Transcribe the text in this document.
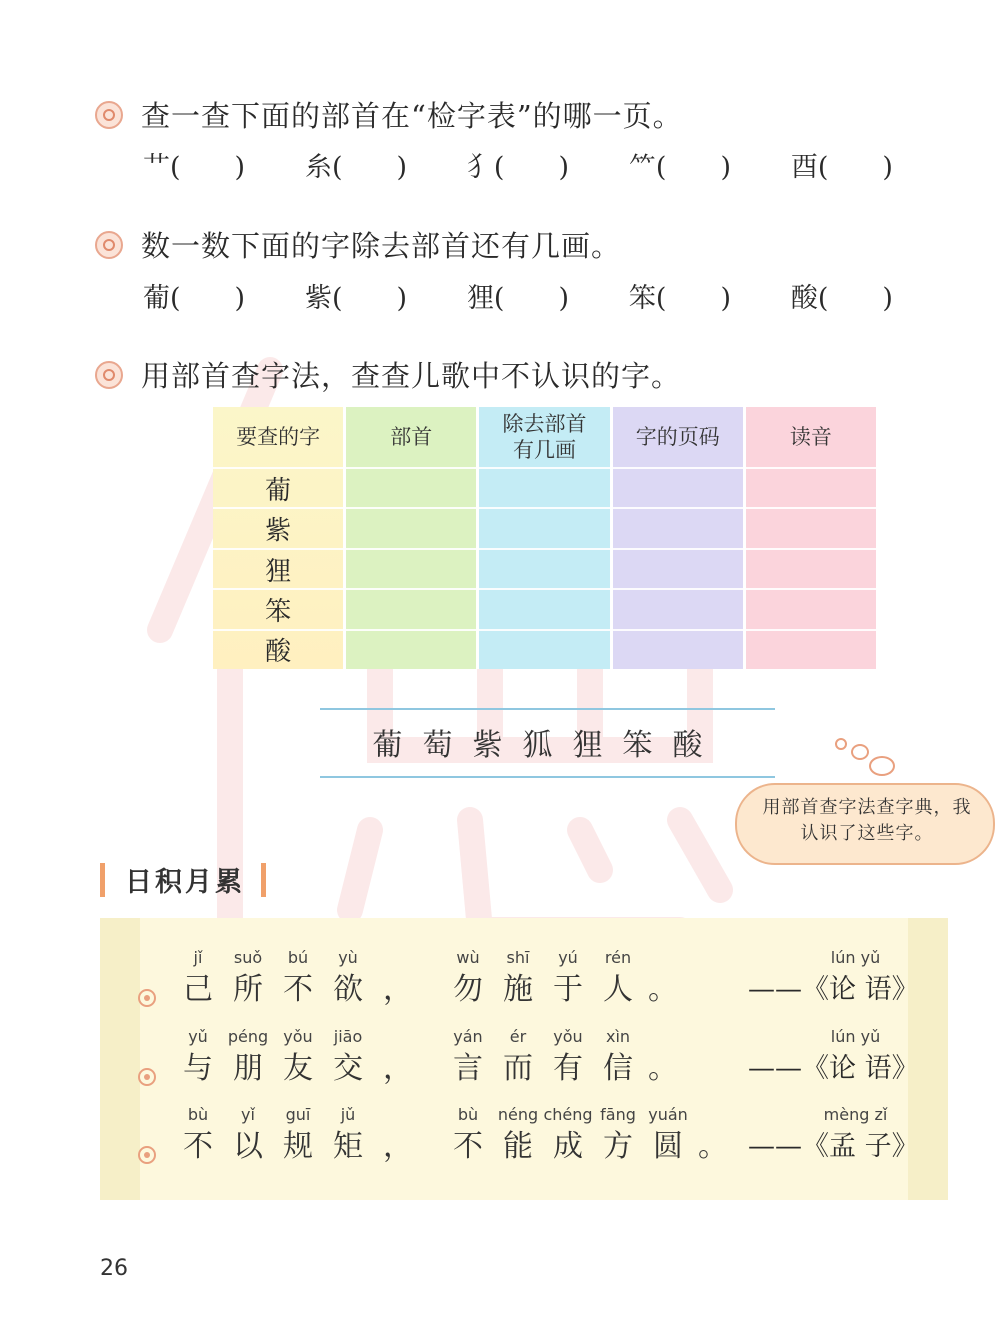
查一查下面的部首在“检字表”的哪一页。
艹(　　) 糸(　　) 犭(　　) ⺮(　　) 酉(　　)
数一数下面的字除去部首还有几画。
葡(　　) 紫(　　) 狸(　　) 笨(　　) 酸(　　)
用部首查字法，查查儿歌中不认识的字。
要查的字
葡
紫
狸
笨
酸
部首
除去部首
有几画
字的页码	读音
葡萄紫狐狸笨酸
用部首查字法查字典，我认识了这些字。
日积月累
jǐ
己
suǒ
所
bú
不
yù
欲 ，
wù
勿
shī
施
yú
于
rén
人 。
lún yǔ
——《论 语》
yǔ
与
péng
朋
yǒu
友
jiāo
交 ，
yán
言
ér
而
yǒu
有
xìn
信 。
lún yǔ
——《论 语》
bù
不
yǐ
以
guī
规
jǔ
矩 ，
bù
不
néng
能
chéng
成
fāng
方
yuán
圆 。
mèng zǐ
——《孟 子》
26
